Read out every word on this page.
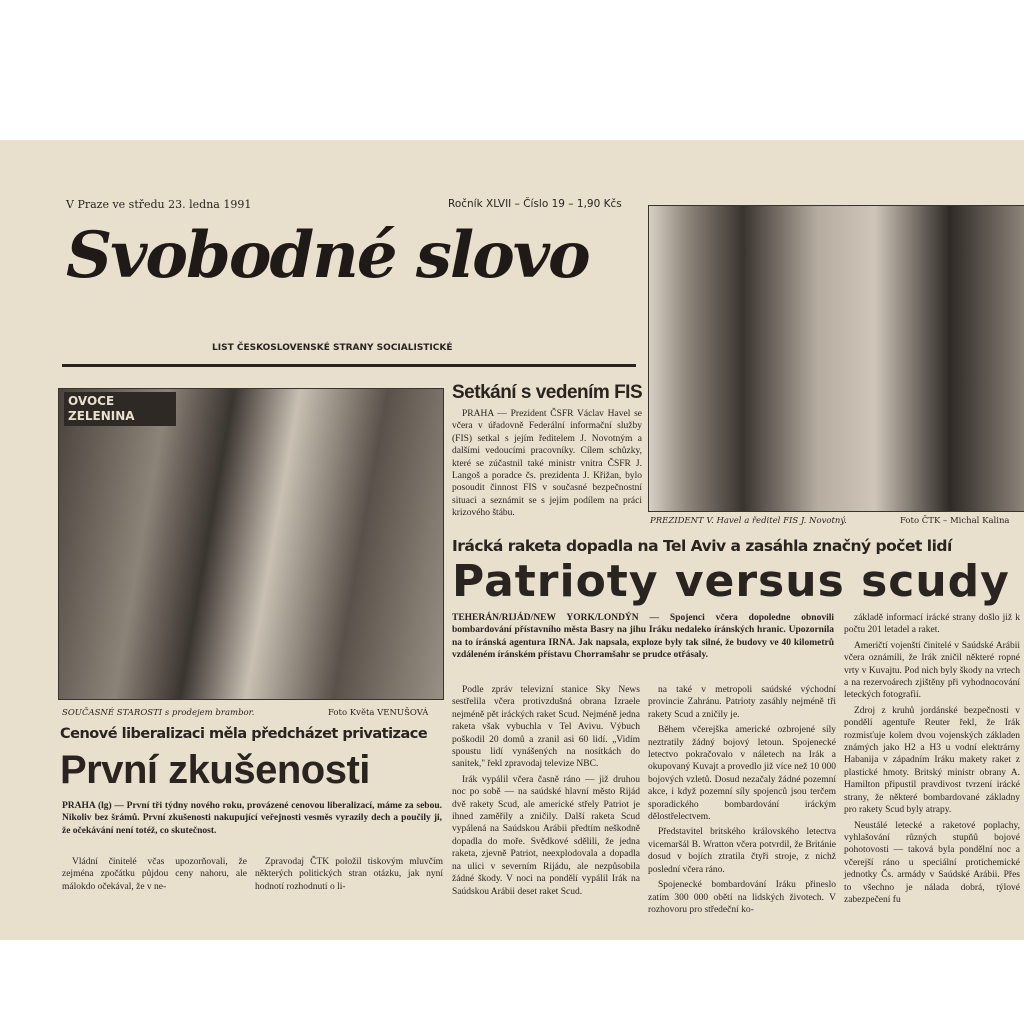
V Praze ve středu 23. ledna 1991	Ročník XLVII – Číslo 19 – 1,90 Kčs
Svobodné slovo
LIST ČESKOSLOVENSKÉ STRANY SOCIALISTICKÉ
PREZIDENT V. Havel a ředitel FIS J. Novotný.	Foto ČTK – Michal Kalina
OVOCE ZELENINA
SOUČASNÉ STAROSTI s prodejem brambor.	Foto Květa VENUŠOVÁ
Setkání s vedením FIS

PRAHA — Prezident ČSFR Václav Havel se včera v úřadovně Federální informační služby (FIS) setkal s jejím ředitelem J. Novotným a dalšími vedoucími pracovníky. Cílem schůzky, které se zúčastnil také ministr vnitra ČSFR J. Langoš a poradce čs. prezidenta J. Křižan, bylo posoudit činnost FIS v současné bezpečnostní situaci a seznámit se s jejím podílem na práci krizového štábu.

Irácká raketa dopadla na Tel Aviv a zasáhla značný počet lidí
Patrioty versus scudy
TEHERÁN/RIJÁD/NEW YORK/LONDÝN — Spojenci včera dopoledne obnovili bombardování přístavního města Basry na jihu Iráku nedaleko íránských hranic. Upozornila na to íránská agentura IRNA. Jak napsala, exploze byly tak silné, že budovy ve 40 kilometrů vzdáleném íránském přístavu Chorramšahr se prudce otřásaly.

Podle zpráv televizní stanice Sky News sestřelila včera protivzdušná obrana Izraele nejméně pět iráckých raket Scud. Nejméně jedna raketa však vybuchla v Tel Avivu. Výbuch poškodil 20 domů a zranil asi 60 lidí. „Vidím spoustu lidí vynášených na nosítkách do sanitek," řekl zpravodaj televize NBC.

Irák vypálil včera časně ráno — již druhou noc po sobě — na saúdské hlavní město Rijád dvě rakety Scud, ale americké střely Patriot je ihned zaměřily a zničily. Další raketa Scud vypálená na Saúdskou Arábii předtím neškodně dopadla do moře. Svědkové sdělili, že jedna raketa, zjevně Patriot, neexplodovala a dopadla na ulici v severním Rijádu, ale nezpůsobila žádné škody. V noci na pondělí vypálil Irák na Saúdskou Arábii deset raket Scud.

na také v metropoli saúdské východní provincie Zahránu. Patrioty zasáhly nejméně tři rakety Scud a zničily je.

Během včerejška americké ozbrojené síly neztratily žádný bojový letoun. Spojenecké letectvo pokračovalo v náletech na Irák a okupovaný Kuvajt a provedlo již více než 10 000 bojových vzletů. Dosud nezačaly žádné pozemní akce, i když pozemní síly spojenců jsou terčem sporadického bombardování iráckým dělostřelectvem.

Představitel britského královského letectva vicemaršál B. Wratton včera potvrdil, že Británie dosud v bojích ztratila čtyři stroje, z nichž poslední včera ráno.

Spojenecké bombardování Iráku přineslo zatím 300 000 obětí na lidských životech. V rozhovoru pro středeční ko-

základě informací irácké strany došlo již k počtu 201 letadel a raket.

Američtí vojenští činitelé v Saúdské Arábii včera oznámili, že Irák zničil některé ropné vrty v Kuvajtu. Pod nich byly škody na vrtech a na rezervoárech zjištěny při vyhodnocování leteckých fotografií.

Zdroj z kruhů jordánské bezpečnosti v pondělí agentuře Reuter řekl, že Irák rozmisťuje kolem dvou vojenských základen známých jako H2 a H3 u vodní elektrárny Habanija v západním Iráku makety raket z plastické hmoty. Britský ministr obrany A. Hamilton připustil pravdivost tvrzení irácké strany, že některé bombardované základny pro rakety Scud byly atrapy.

Neustálé letecké a raketové poplachy, vyhlašování různých stupňů bojové pohotovosti — taková byla pondělní noc a včerejší ráno u speciální protichemické jednotky Čs. armády v Saúdské Arábii. Přes to všechno je nálada dobrá, týlové zabezpečení fu

Cenové liberalizaci měla předcházet privatizace
První zkušenosti
PRAHA (lg) — První tři týdny nového roku, provázené cenovou liberalizací, máme za sebou. Nikoliv bez šrámů. První zkušenosti nakupující veřejnosti vesměs vyrazily dech a poučily ji, že očekávání není totéž, co skutečnost.

Vládní činitelé včas upozorňovali, že zejména zpočátku půjdou ceny nahoru, ale málokdo očekával, že v ne-

Zpravodaj ČTK položil tiskovým mluvčím některých politických stran otázku, jak nyní hodnotí rozhodnutí o li-
